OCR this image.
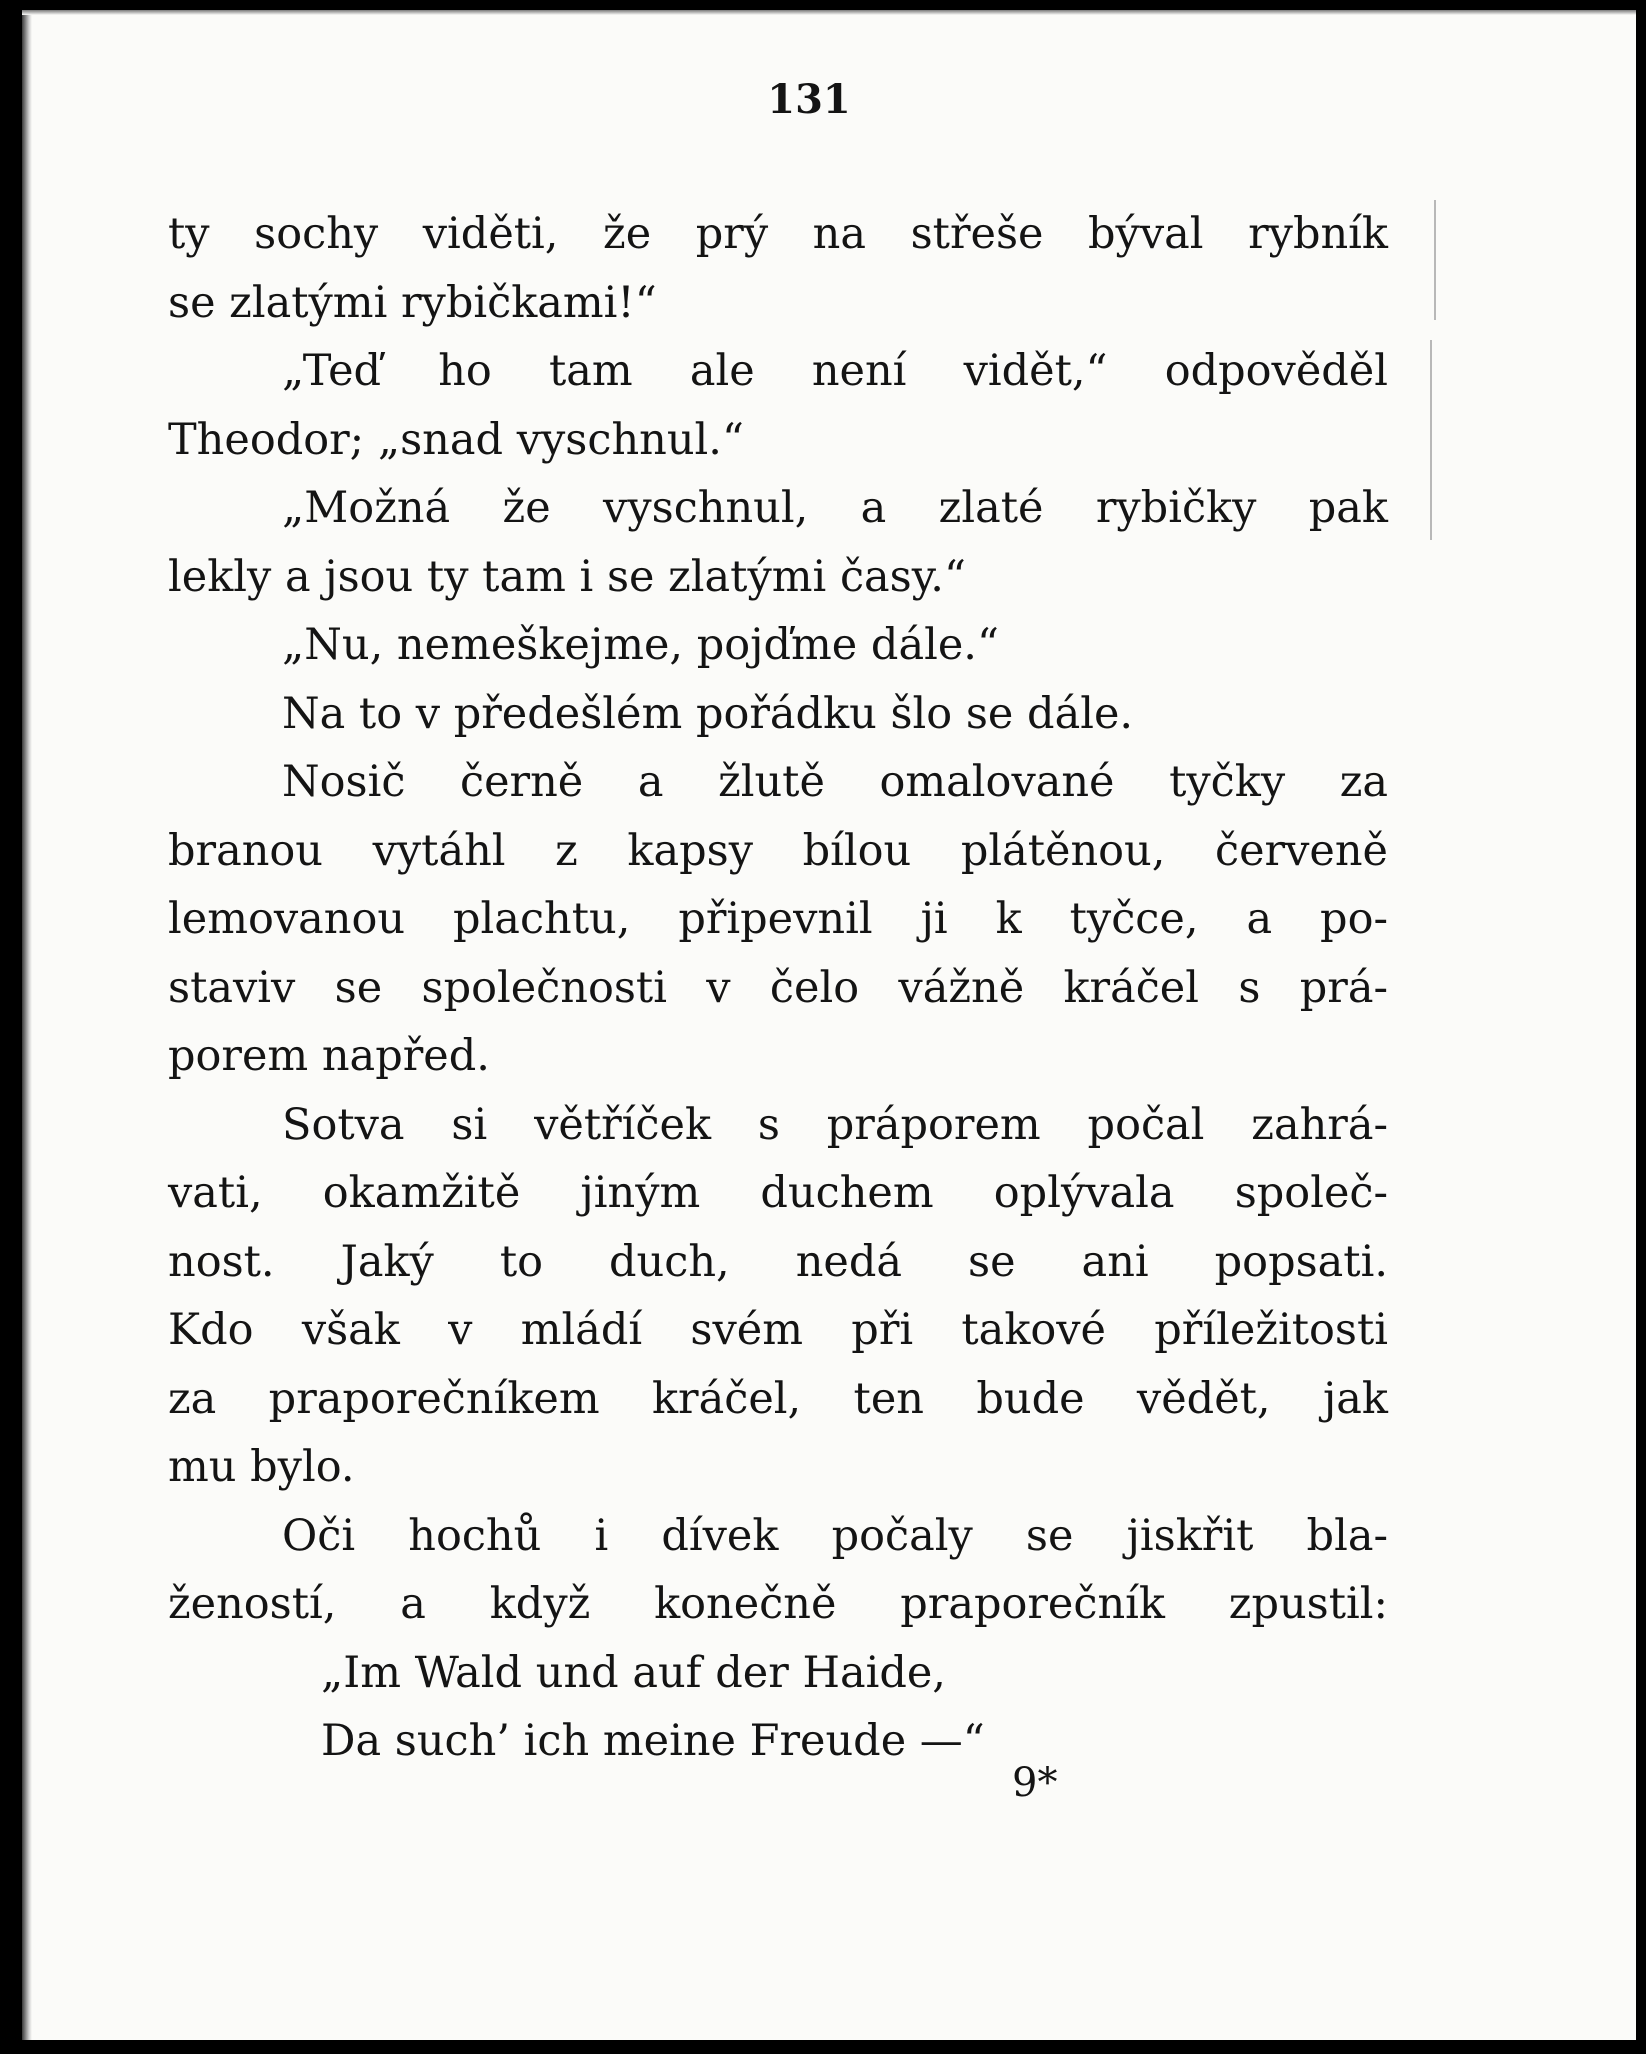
131
ty sochy viděti, že prý na střeše býval rybník
se zlatými rybičkami!“
„Teď ho tam ale není vidět,“ odpověděl
Theodor; „snad vyschnul.“
„Možná že vyschnul, a zlaté rybičky pak
lekly a jsou ty tam i se zlatými časy.“
„Nu, nemeškejme, pojďme dále.“
Na to v předešlém pořádku šlo se dále.
Nosič černě a žlutě omalované tyčky za
branou vytáhl z kapsy bílou plátěnou, červeně
lemovanou plachtu, připevnil ji k tyčce, a po-
staviv se společnosti v čelo vážně kráčel s prá-
porem napřed.
Sotva si větříček s práporem počal zahrá-
vati, okamžitě jiným duchem oplývala společ-
nost. Jaký to duch, nedá se ani popsati.
Kdo však v mládí svém při takové příležitosti
za praporečníkem kráčel, ten bude vědět, jak
mu bylo.
Oči hochů i dívek počaly se jiskřit bla-
žeností, a když konečně praporečník zpustil:
„Im Wald und auf der Haide,
Da such’ ich meine Freude —“
9*
